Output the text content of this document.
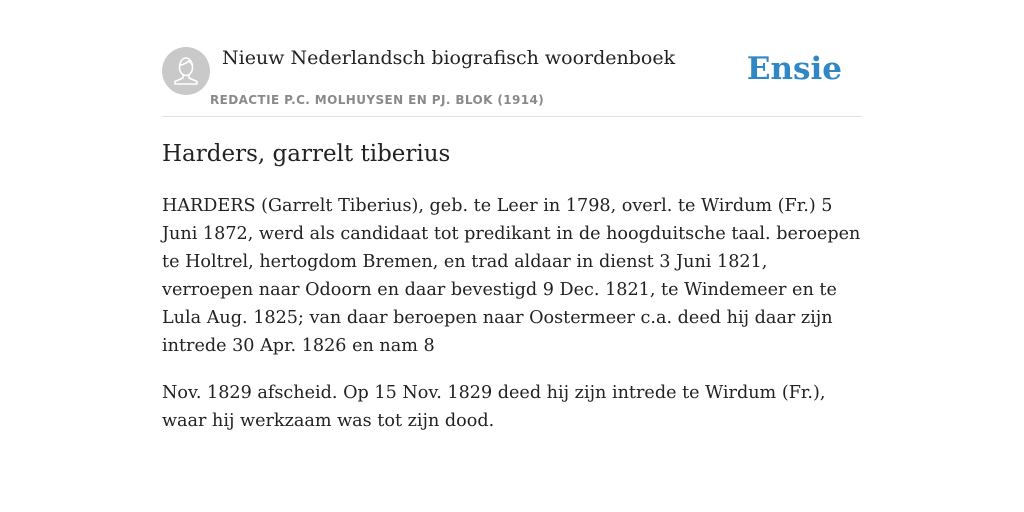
Nieuw Nederlandsch biografisch woordenboek
REDACTIE P.C. MOLHUYSEN EN PJ. BLOK (1914)
Ensie
Harders, garrelt tiberius

HARDERS (Garrelt Tiberius), geb. te Leer in 1798, overl. te Wirdum (Fr.) 5 Juni 1872, werd als candidaat tot predikant in de hoogduitsche taal. beroepen te Holtrel, hertogdom Bremen, en trad aldaar in dienst 3 Juni 1821, verroepen naar Odoorn en daar bevestigd 9 Dec. 1821, te Windemeer en te Lula Aug. 1825; van daar beroepen naar Oostermeer c.a. deed hij daar zijn intrede 30 Apr. 1826 en nam 8

Nov. 1829 afscheid. Op 15 Nov. 1829 deed hij zijn intrede te Wirdum (Fr.), waar hij werkzaam was tot zijn dood.
